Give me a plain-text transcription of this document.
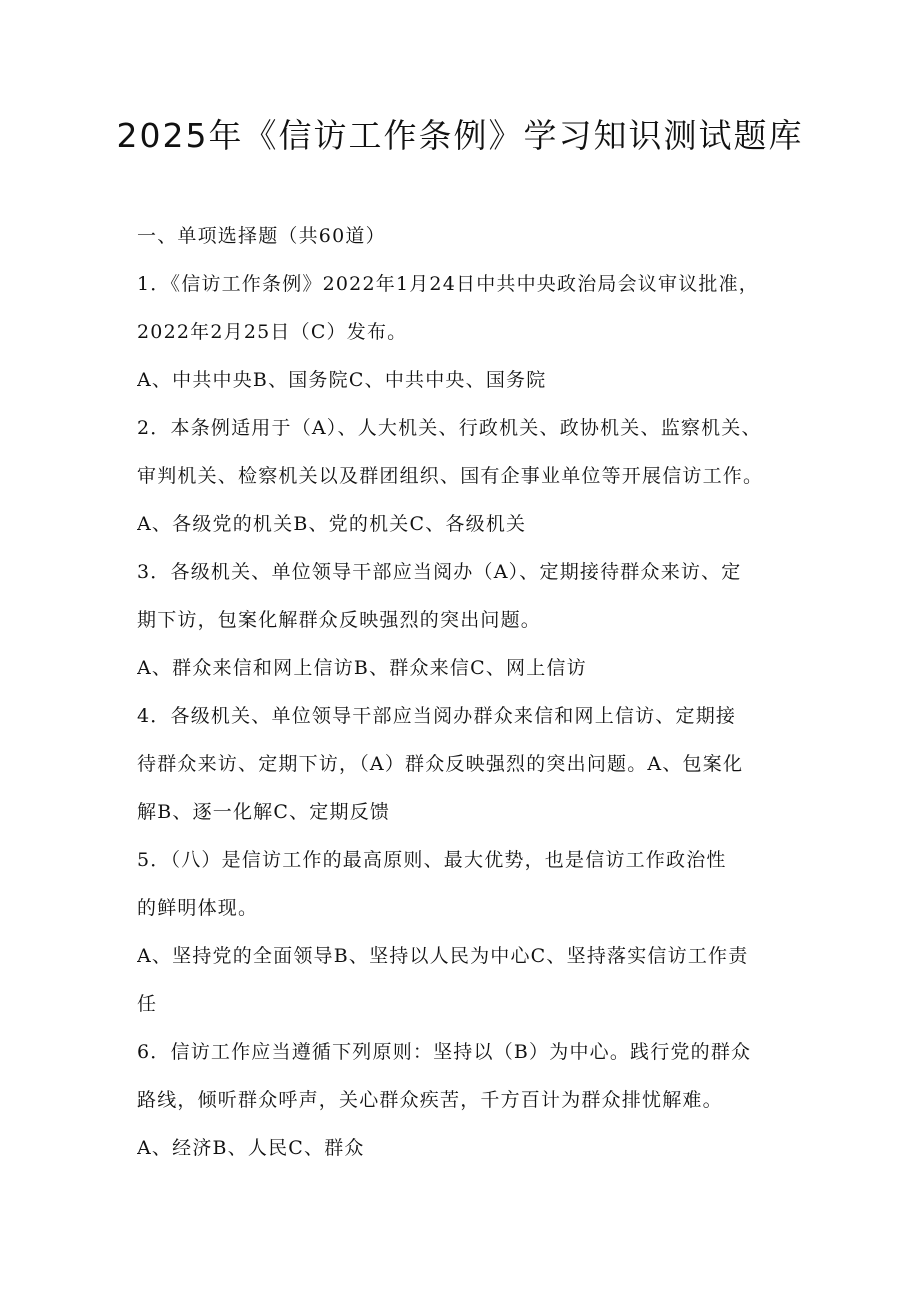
2025年《信访工作条例》学习知识测试题库
一、单项选择题（共60道）
1．《信访工作条例》2022年1月24日中共中央政治局会议审议批准，
2022年2月25日（C）发布。
A、中共中央B、国务院C、中共中央、国务院
2．本条例适用于（A）、人大机关、行政机关、政协机关、监察机关、
审判机关、检察机关以及群团组织、国有企事业单位等开展信访工作。
A、各级党的机关B、党的机关C、各级机关
3．各级机关、单位领导干部应当阅办（A）、定期接待群众来访、定
期下访，包案化解群众反映强烈的突出问题。
A、群众来信和网上信访B、群众来信C、网上信访
4．各级机关、单位领导干部应当阅办群众来信和网上信访、定期接
待群众来访、定期下访，（A）群众反映强烈的突出问题。A、包案化
解B、逐一化解C、定期反馈
5．（八）是信访工作的最高原则、最大优势，也是信访工作政治性
的鲜明体现。
A、坚持党的全面领导B、坚持以人民为中心C、坚持落实信访工作责
任
6．信访工作应当遵循下列原则：坚持以（B）为中心。践行党的群众
路线，倾听群众呼声，关心群众疾苦，千方百计为群众排忧解难。
A、经济B、人民C、群众
